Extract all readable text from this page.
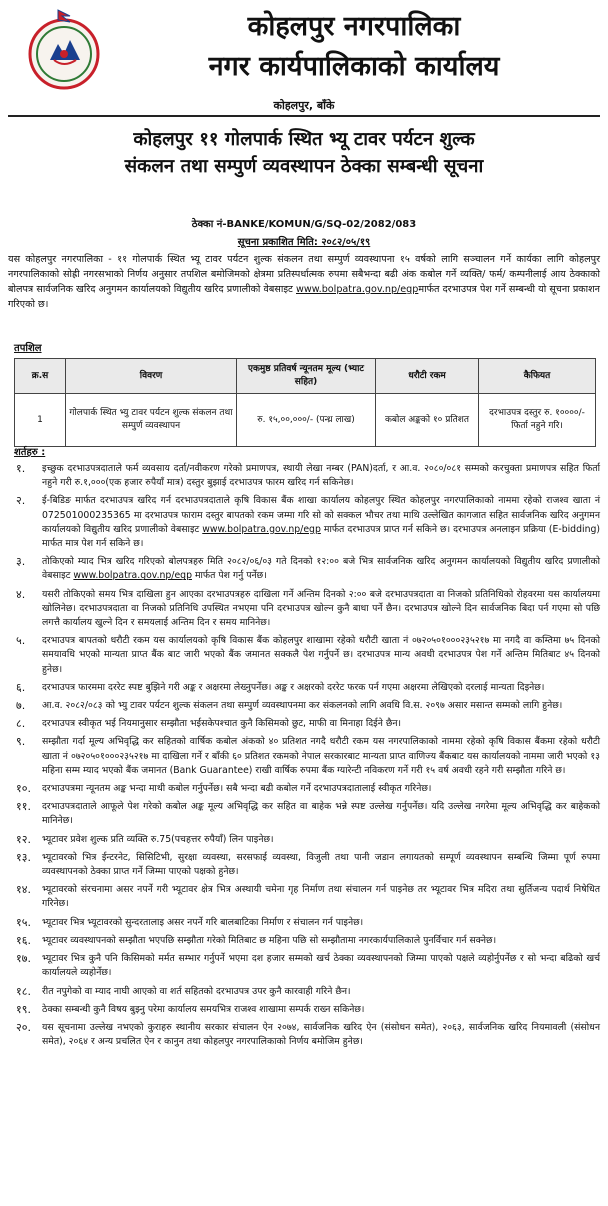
कोहलपुर नगरपालिका
नगर कार्यपालिकाको कार्यालय
कोहलपुर, बाँके
कोहलपुर ११ गोलपार्क स्थित भ्यू टावर पर्यटन शुल्क
संकलन तथा सम्पुर्ण व्यवस्थापन ठेक्का सम्बन्धी सूचना
ठेक्का नं-BANKE/KOMUN/G/SQ-02/2082/083
सूचना प्रकाशित मिति: २०८२/०५/१९
यस कोहलपुर नगरपालिका - ११ गोलपार्क स्थित भ्यू टावर पर्यटन शुल्क संकलन तथा सम्पुर्ण व्यवस्थापना १५ वर्षको लागि सञ्चालन गर्ने कार्यका लागि कोहलपुर नगरपालिकाको सोह्री नगरसभाको निर्णय अनुसार तपशिल बमोजिमको क्षेत्रमा प्रतिस्पर्धात्मक रुपमा सबैभन्दा बढी अंक कबोल गर्ने व्यक्ति/ फर्म/ कम्पनीलाई आय ठेक्काको बोलपत्र सार्वजनिक खरिद अनुगमन कार्यालयको विद्युतीय खरिद प्रणालीको वेबसाइट www.bolpatra.gov.np/egpमार्फत दरभाउपत्र पेश गर्ने सम्बन्धी यो सूचना प्रकाशन गरिएको छ।
तपशिल
क्र.स	विवरण	एकमुष्ठ प्रतिवर्ष न्यूनतम मूल्य (भ्याट सहित)	धरौटी रकम	कैफियत
1	गोलपार्क स्थित भ्यु टावर पर्यटन शुल्क संकलन तथा सम्पुर्ण व्यवस्थापन	रु. १५,००,०००/- (पन्ध्र लाख)	कबोल अङ्कको १० प्रतिशत	दरभाउपत्र दस्तुर रु. १००००/- फिर्ता नहुने गरि।
शर्तहरु :
१.	इच्छुक दरभाउपत्रदाताले फर्म व्यवसाय दर्ता/नवीकरण गरेको प्रमाणपत्र, स्थायी लेखा नम्बर (PAN)दर्ता, र आ.व. २०८०/०८१ सम्मको करचुक्ता प्रमाणपत्र सहित फिर्ता नहुने गरी रु.१,०००(एक हजार रुपैयाँ मात्र) दस्तुर बुझाई दरभाउपत्र फारम खरिद गर्न सकिनेछ।
२.	ई-बिडिङ मार्फत दरभाउपत्र खरिद गर्न दरभाउपत्रदाताले कृषि विकास बैंक शाखा कार्यालय कोहलपुर स्थित कोहलपुर नगरपालिकाको नाममा रहेको राजश्व खाता नं 072501000235365 मा दरभाउपत्र फाराम दस्तुर बापतको रकम जम्मा गरि सो को सक्कल भौचर तथा माथि उल्लेखित कागजात सहित सार्वजनिक खरिद अनुगमन कार्यालयको विद्युतीय खरिद प्रणालीको वेबसाइट www.bolpatra.gov.np/egp मार्फत दरभाउपत्र प्राप्त गर्न सकिने छ। दरभाउपत्र अनलाइन प्रक्रिया (E-bidding) मार्फत मात्र पेश गर्न सकिने छ।
३.	तोकिएको म्याद भित्र खरिद गरिएको बोलपत्रहरु मिति २०८२/०६/०३ गते दिनको १२:०० बजे भित्र सार्वजनिक खरिद अनुगमन कार्यालयको विद्युतीय खरिद प्रणालीको वेबसाइट www.bolpatra.gov.np/egp मार्फत पेश गर्नु पर्नेछ।
४.	यसरी तोकिएको समय भित्र दाखिला हुन आएका दरभाउपत्रहरु दाखिला गर्ने अन्तिम दिनको २:०० बजे दरभाउपत्रदाता वा निजको प्रतिनिधिको रोहवरमा यस कार्यालयमा खोलिनेछ। दरभाउपत्रदाता वा निजको प्रतिनिधि उपस्थित नभएमा पनि दरभाउपत्र खोल्न कुनै बाधा पर्ने छैन। दरभाउपत्र खोल्ने दिन सार्वजनिक बिदा पर्न गएमा सो पछि लगत्तै कार्यालय खुल्ने दिन र समयलाई अन्तिम दिन र समय मानिनेछ।
५.	दरभाउपत्र बापतको धरौटी रकम यस कार्यालयको कृषि विकास बैंक कोहलपुर शाखामा रहेको धरौटी खाता नं ०७२०५०१०००२३५२१७ मा नगदै वा कम्तिमा ७५ दिनको समयावधि भएको मान्यता प्राप्त बैंक बाट जारी भएको बैंक जमानत सक्कलै पेश गर्नुपर्ने छ। दरभाउपत्र मान्य अवधी दरभाउपत्र पेश गर्ने अन्तिम मितिबाट ४५ दिनको हुनेछ।
६.	दरभाउपत्र फारममा दररेट स्पष्ट बुझिने गरी अङ्क र अक्षरमा लेख्नुपर्नेछ। अङ्क र अक्षरको दररेट फरक पर्न गएमा अक्षरमा लेखिएको दरलाई मान्यता दिइनेछ।
७.	आ.व. २०८२/०८३ को भ्यु टावर पर्यटन शुल्क संकलन तथा सम्पुर्ण व्यवस्थापनमा कर संकलनको लागि अवधि वि.स. २०९७ असार मसान्त सम्मको लागि हुनेछ।
८.	दरभाउपत्र स्वीकृत भई नियमानुसार सम्झौता भईसकेपश्चात कुनै किसिमको छुट, माफी वा मिनाहा दिईने छैन।
९.	सम्झौता गर्दा मूल्य अभिवृद्धि कर सहितको वार्षिक कबोल अंकको ४० प्रतिशत नगदै धरौटी रकम यस नगरपालिकाको नाममा रहेको कृषि विकास बैंकमा रहेको धरौटी खाता नं ०७२०५०१०००२३५२१७ मा दाखिला गर्ने र बाँकी ६० प्रतिशत रकमको नेपाल सरकारबाट मान्यता प्राप्त वाणिज्य बैंकबाट यस कार्यालयको नाममा जारी भएको १३ महिना सम्म म्याद भएको बैंक जमानत (Bank Guarantee) राखी वार्षिक रुपमा बैंक ग्यारेन्टी नविकरण गर्ने गरी १५ वर्ष अवधी रहने गरी सम्झौता गरिने छ।
१०.	दरभाउपत्रमा न्यूनतम अङ्क भन्दा माथी कबोल गर्नुपर्नेछ। सबै भन्दा बढी कबोल गर्ने दरभाउपत्रदातालाई स्वीकृत गरिनेछ।
११.	दरभाउपत्रदाताले आफूले पेश गरेको कबोल अङ्क मूल्य अभिवृद्धि कर सहित वा बाहेक भन्ने स्पष्ट उल्लेख गर्नुपर्नेछ। यदि उल्लेख नगरेमा मूल्य अभिवृद्धि कर बाहेकको मानिनेछ।
१२.	भ्यूटावर प्रवेश शुल्क प्रति व्यक्ति रु.75(पचहत्तर रुपैयाँ) लिन पाइनेछ।
१३.	भ्यूटावरको भित्र ईन्टरनेट, सिसिटिभी, सुरक्षा व्यवस्था, सरसफाई व्यवस्था, विजुली तथा पानी जडान लगायतको सम्पूर्ण व्यवस्थापन सम्बन्धि जिम्मा पूर्ण रुपमा व्यवस्थापनको ठेक्का प्राप्त गर्ने जिम्मा पाएको पक्षको हुनेछ।
१४.	भ्यूटावरको संरचनामा असर नपर्ने गरी भ्यूटावर क्षेत्र भित्र अस्थायी चमेना गृह निर्माण तथा संचालन गर्न पाइनेछ तर भ्यूटावर भित्र मदिरा तथा सुर्तिजन्य पदार्थ निषेधित गरिनेछ।
१५.	भ्यूटावर भित्र भ्यूटावरको सुन्दरतालाइ असर नपर्ने गरि बालबाटिका निर्माण र संचालन गर्न पाइनेछ।
१६.	भ्यूटावर व्यवस्थापनको सम्झौता भएपछि सम्झौता गरेको मितिबाट छ महिना पछि सो सम्झौतामा नगरकार्यपालिकाले पुनर्विचार गर्न सक्नेछ।
१७.	भ्यूटावर भित्र कुनै पनि किसिमको मर्मत सम्भार गर्नुपर्ने भएमा दश हजार सम्मको खर्च ठेक्का व्यवस्थापनको जिम्मा पाएको पक्षले व्यहोर्नुपर्नेछ र सो भन्दा बढिको खर्च कार्यालयले व्यहोर्नेछ।
१८.	रीत नपुगेको वा म्याद नाघी आएको वा शर्त सहितको दरभाउपत्र उपर कुनै कारवाही गरिने छैन।
१९.	ठेक्का सम्बन्धी कुनै विषय बुझ्नु परेमा कार्यालय समयभित्र राजश्व शाखामा सम्पर्क राख्न सकिनेछ।
२०.	यस सूचनामा उल्लेख नभएको कुराहरु स्थानीय सरकार संचालन ऐन २०७४, सार्वजनिक खरिद ऐन (संसोधन समेत), २०६३, सार्वजनिक खरिद नियमावली (संसोधन समेत), २०६४ र अन्य प्रचलित ऐन र कानुन तथा कोहलपुर नगरपालिकाको निर्णय बमोजिम हुनेछ।
